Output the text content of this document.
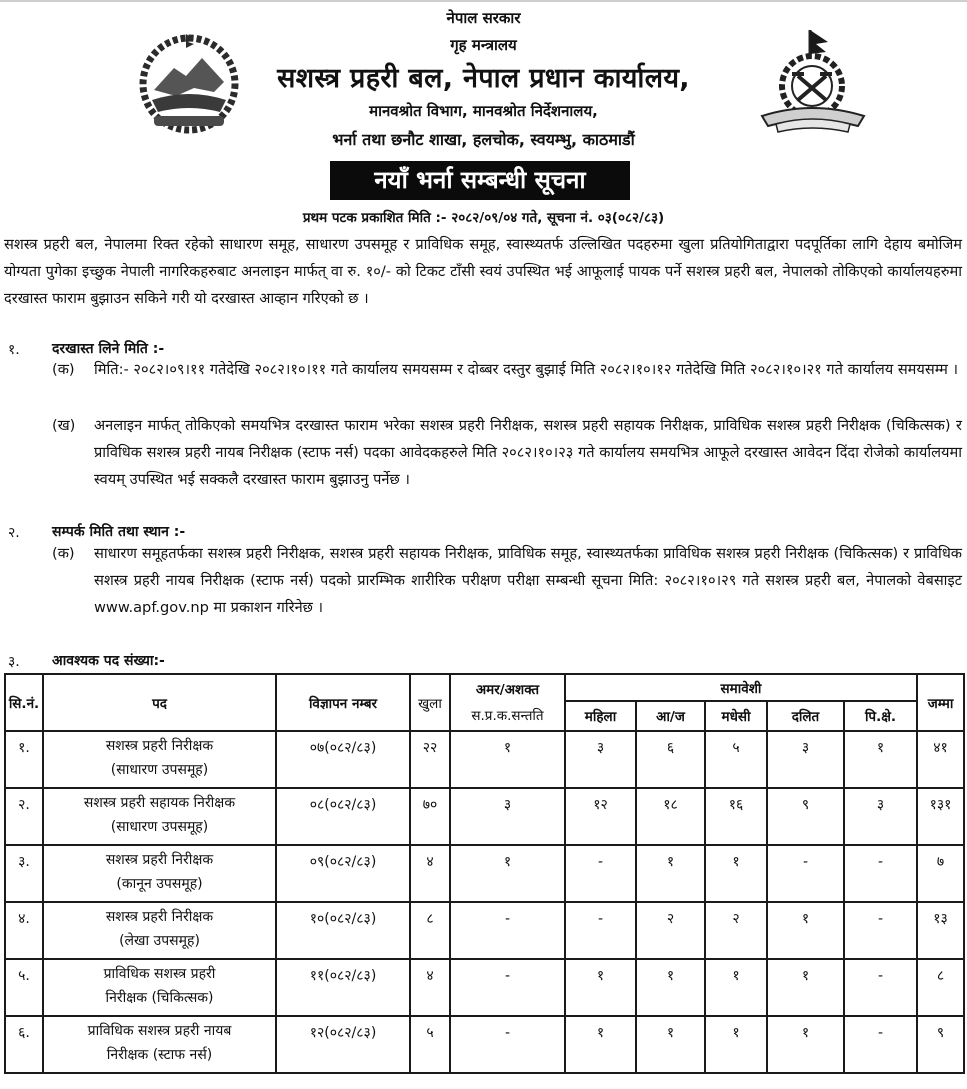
नेपाल सरकार
गृह मन्त्रालय
सशस्त्र प्रहरी बल, नेपाल प्रधान कार्यालय,
मानवश्रोत विभाग, मानवश्रोत निर्देशनालय,
भर्ना तथा छनौट शाखा, हलचोक, स्वयम्भु, काठमाडौं
नयाँ भर्ना सम्बन्धी सूचना
प्रथम पटक प्रकाशित मिति :- २०८२/०९/०४ गते, सूचना नं. ०३(०८२/८३)
सशस्त्र प्रहरी बल, नेपालमा रिक्त रहेको साधारण समूह, साधारण उपसमूह र प्राविधिक समूह, स्वास्थ्यतर्फ उल्लिखित पदहरुमा खुला प्रतियोगिताद्वारा पदपूर्तिका लागि देहाय बमोजिम योग्यता पुगेका इच्छुक नेपाली नागरिकहरुबाट अनलाइन मार्फत् वा रु. १०/- को टिकट टाँसी स्वयं उपस्थित भई आफूलाई पायक पर्ने सशस्त्र प्रहरी बल, नेपालको तोकिएको कार्यालयहरुमा दरखास्त फाराम बुझाउन सकिने गरी यो दरखास्त आव्हान गरिएको छ ।
१. दरखास्त लिने मिति :-
(क) मिति:- २०८२।०९।११ गतेदेखि २०८२।१०।११ गते कार्यालय समयसम्म र दोब्बर दस्तुर बुझाई मिति २०८२।१०।१२ गतेदेखि मिति २०८२।१०।२१ गते कार्यालय समयसम्म ।
(ख) अनलाइन मार्फत् तोकिएको समयभित्र दरखास्त फाराम भरेका सशस्त्र प्रहरी निरीक्षक, सशस्त्र प्रहरी सहायक निरीक्षक, प्राविधिक सशस्त्र प्रहरी निरीक्षक (चिकित्सक) र प्राविधिक सशस्त्र प्रहरी नायब निरीक्षक (स्टाफ नर्स) पदका आवेदकहरुले मिति २०८२।१०।२३ गते कार्यालय समयभित्र आफूले दरखास्त आवेदन दिंदा रोजेको कार्यालयमा स्वयम् उपस्थित भई सक्कलै दरखास्त फाराम बुझाउनु पर्नेछ ।
२. सम्पर्क मिति तथा स्थान :-
(क) साधारण समूहतर्फका सशस्त्र प्रहरी निरीक्षक, सशस्त्र प्रहरी सहायक निरीक्षक, प्राविधिक समूह, स्वास्थ्यतर्फका प्राविधिक सशस्त्र प्रहरी निरीक्षक (चिकित्सक) र प्राविधिक सशस्त्र प्रहरी नायब निरीक्षक (स्टाफ नर्स) पदको प्रारम्भिक शारीरिक परीक्षण परीक्षा सम्बन्धी सूचना मिति: २०८२।१०।२९ गते सशस्त्र प्रहरी बल, नेपालको वेबसाइट www.apf.gov.np मा प्रकाशन गरिनेछ ।
३. आवश्यक पद संख्या:-
सि.नं.	पद	विज्ञापन नम्बर	खुला	अमर/अशक्त
स.प्र.क.सन्तति	समावेशी					जम्मा
					महिला	आ/ज	मधेसी	दलित	पि.क्षे.	
१.	सशस्त्र प्रहरी निरीक्षक
(साधारण उपसमूह)	०७(०८२/८३)	२२	१	३	६	५	३	१	४१
२.	सशस्त्र प्रहरी सहायक निरीक्षक
(साधारण उपसमूह)	०८(०८२/८३)	७०	३	१२	१८	१६	९	३	१३१
३.	सशस्त्र प्रहरी निरीक्षक
(कानून उपसमूह)	०९(०८२/८३)	४	१	-	१	१	-	-	७
४.	सशस्त्र प्रहरी निरीक्षक
(लेखा उपसमूह)	१०(०८२/८३)	८	-	-	२	२	१	-	१३
५.	प्राविधिक सशस्त्र प्रहरी
निरीक्षक (चिकित्सक)	११(०८२/८३)	४	-	१	१	१	१	-	८
६.	प्राविधिक सशस्त्र प्रहरी नायब
निरीक्षक (स्टाफ नर्स)	१२(०८२/८३)	५	-	१	१	१	१	-	९
